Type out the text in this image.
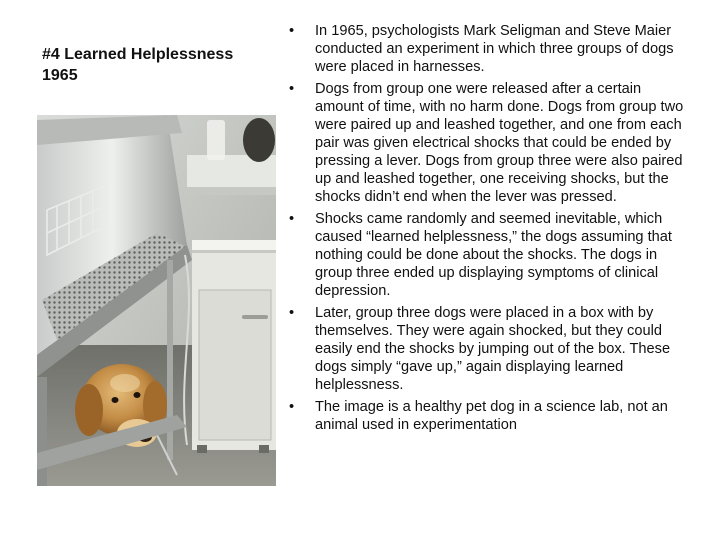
#4 Learned Helplessness
1965
•	In 1965, psychologists Mark Seligman and Steve Maier conducted an experiment in which three groups of dogs were placed in harnesses.
•	Dogs from group one were released after a certain amount of time, with no harm done. Dogs from group two were paired up and leashed together, and one from each pair was given electrical shocks that could be ended by pressing a lever. Dogs from group three were also paired up and leashed together, one receiving shocks, but the shocks didn’t end when the lever was pressed.
•	Shocks came randomly and seemed inevitable, which caused “learned helplessness,” the dogs assuming that nothing could be done about the shocks. The dogs in group three ended up displaying symptoms of clinical depression.
•	Later, group three dogs were placed in a box with by themselves. They were again shocked, but they could easily end the shocks by jumping out of the box. These dogs simply “gave up,” again displaying learned helplessness.
•	The image is a healthy pet dog in a science lab, not an animal used in experimentation
